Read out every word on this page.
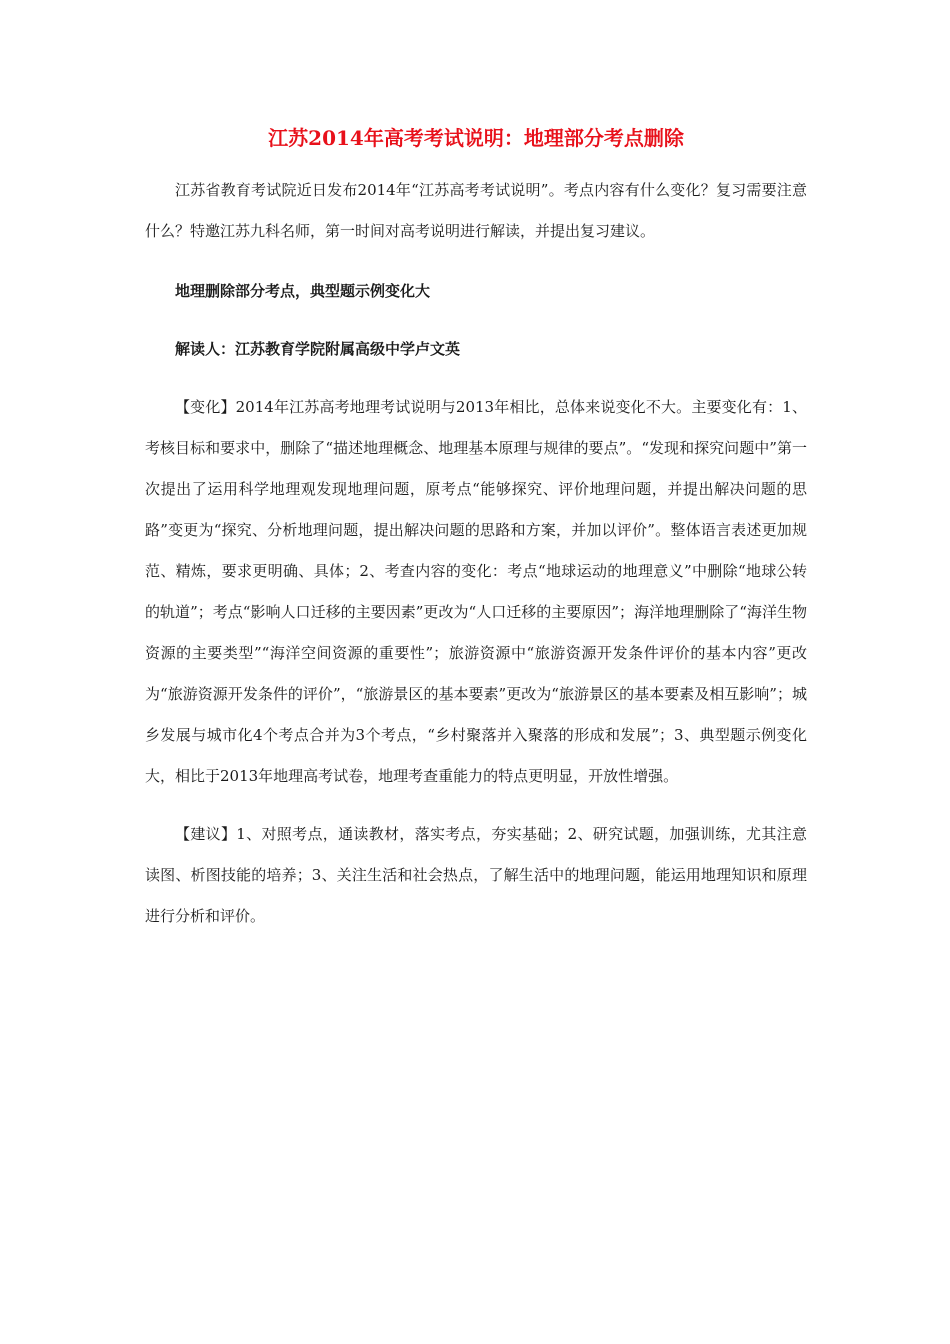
江苏2014年高考考试说明：地理部分考点删除

江苏省教育考试院近日发布2014年“江苏高考考试说明”。考点内容有什么变化？复习需要注意什么？特邀江苏九科名师，第一时间对高考说明进行解读，并提出复习建议。

地理删除部分考点，典型题示例变化大

解读人：江苏教育学院附属高级中学卢文英

【变化】2014年江苏高考地理考试说明与2013年相比，总体来说变化不大。主要变化有：1、考核目标和要求中，删除了“描述地理概念、地理基本原理与规律的要点”。“发现和探究问题中”第一次提出了运用科学地理观发现地理问题，原考点“能够探究、评价地理问题，并提出解决问题的思路”变更为“探究、分析地理问题，提出解决问题的思路和方案，并加以评价”。整体语言表述更加规范、精炼，要求更明确、具体；2、考查内容的变化：考点“地球运动的地理意义”中删除“地球公转的轨道”；考点“影响人口迁移的主要因素”更改为“人口迁移的主要原因”；海洋地理删除了“海洋生物资源的主要类型”“海洋空间资源的重要性”；旅游资源中“旅游资源开发条件评价的基本内容”更改为“旅游资源开发条件的评价”，“旅游景区的基本要素”更改为“旅游景区的基本要素及相互影响”；城乡发展与城市化4个考点合并为3个考点，“乡村聚落并入聚落的形成和发展”；3、典型题示例变化大，相比于2013年地理高考试卷，地理考查重能力的特点更明显，开放性增强。

【建议】1、对照考点，通读教材，落实考点，夯实基础；2、研究试题，加强训练，尤其注意读图、析图技能的培养；3、关注生活和社会热点，了解生活中的地理问题，能运用地理知识和原理进行分析和评价。
